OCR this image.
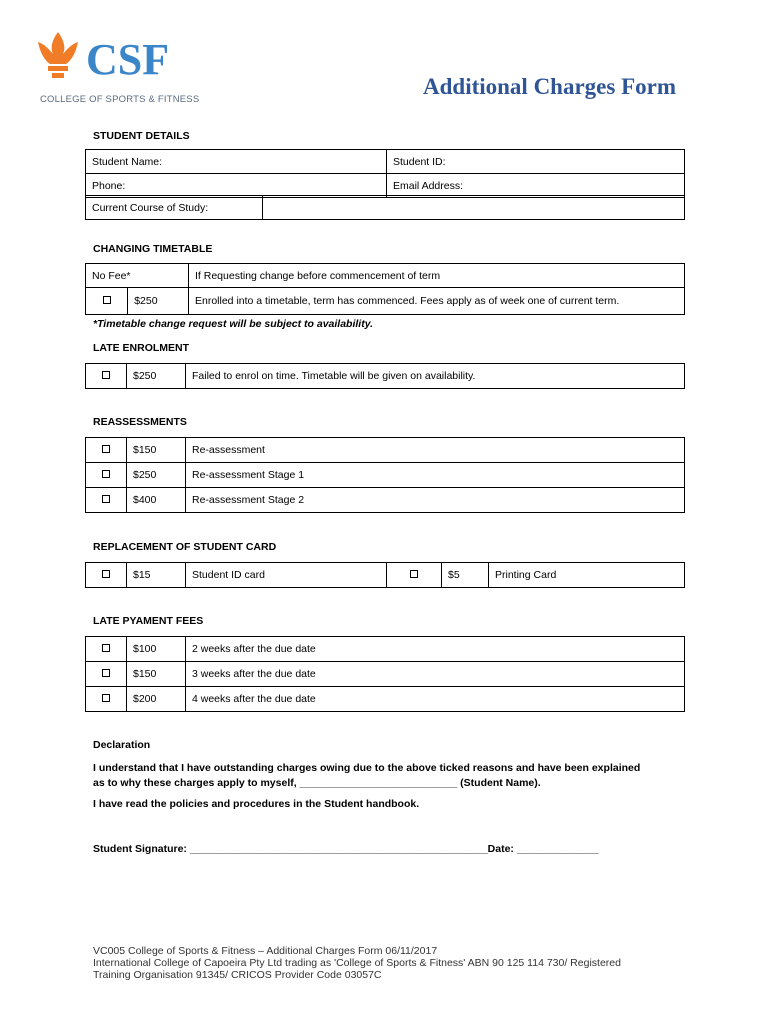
CSF
COLLEGE OF SPORTS & FITNESS
Additional Charges Form
STUDENT DETAILS
Student Name:	Student ID:
Phone:	Email Address:
Current Course of Study:	
CHANGING TIMETABLE
No Fee*		If Requesting change before commencement of term
	$250	Enrolled into a timetable, term has commenced. Fees apply as of week one of current term.
*Timetable change request will be subject to availability.
LATE ENROLMENT
	$250	Failed to enrol on time. Timetable will be given on availability.
REASSESSMENTS
	$150	Re-assessment
	$250	Re-assessment Stage 1
	$400	Re-assessment Stage 2
REPLACEMENT OF STUDENT CARD
	$15	Student ID card		$5	Printing Card
LATE PYAMENT FEES
	$100	2 weeks after the due date
	$150	3 weeks after the due date
	$200	4 weeks after the due date
Declaration
I understand that I have outstanding charges owing due to the above ticked reasons and have been explained as to why these charges apply to myself, ___________________________ (Student Name).
I have read the policies and procedures in the Student handbook.
Student Signature: ___________________________________________________Date: ______________
VC005 College of Sports & Fitness – Additional Charges Form 06/11/2017
International College of Capoeira Pty Ltd trading as 'College of Sports & Fitness' ABN 90 125 114 730/ Registered
Training Organisation 91345/ CRICOS Provider Code 03057C
